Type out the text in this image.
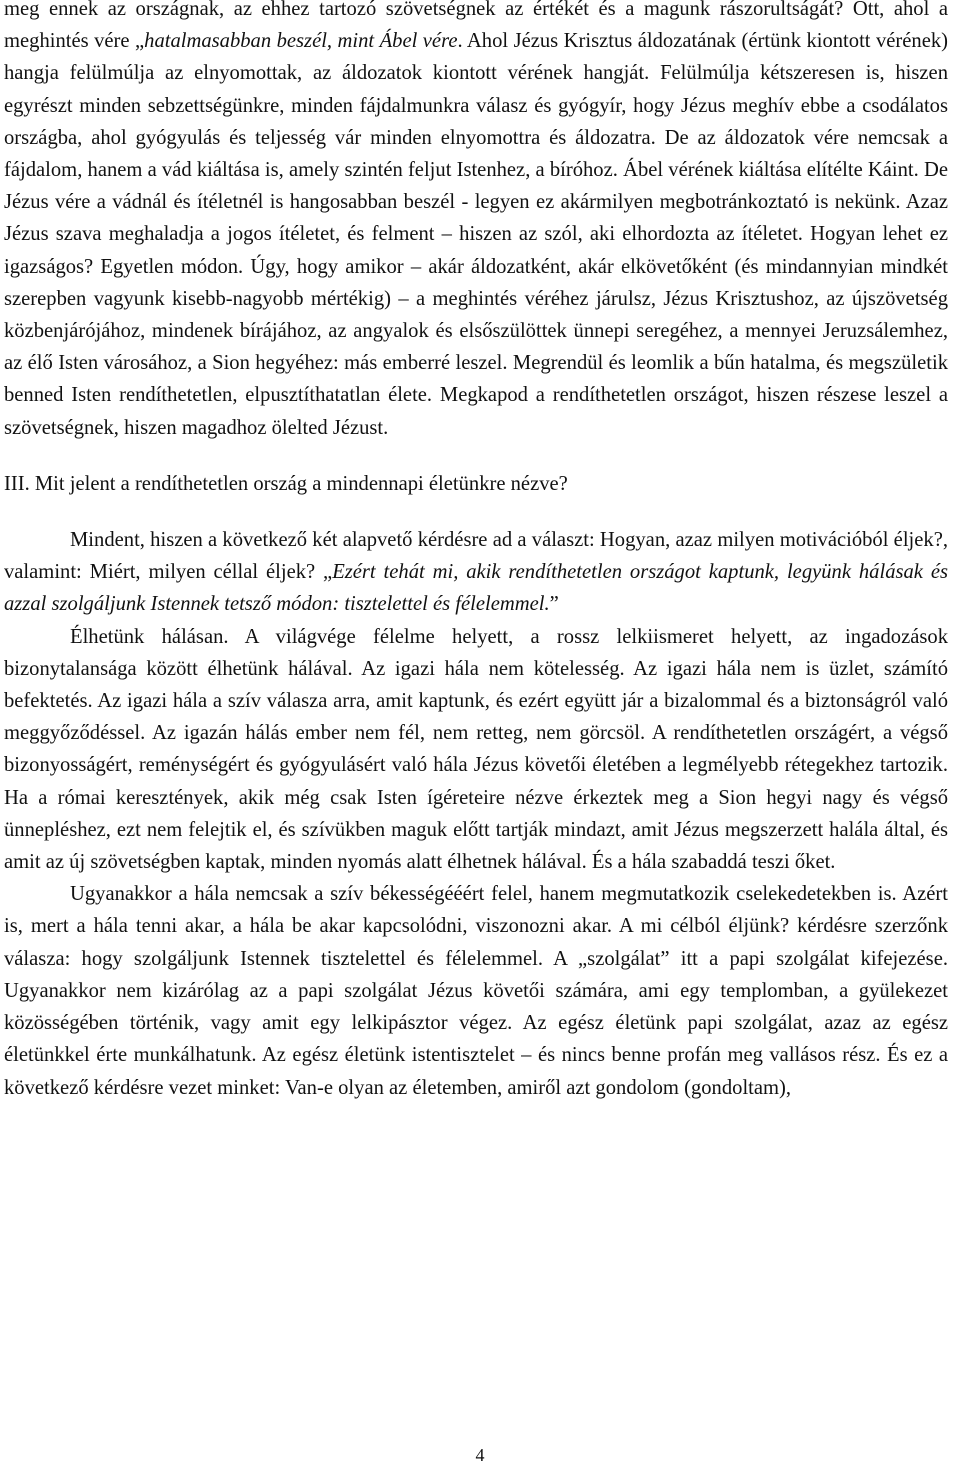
meg ennek az országnak, az ehhez tartozó szövetségnek az értékét és a magunk rászorultságát? Ott, ahol a meghintés vére „hatalmasabban beszél, mint Ábel vére. Ahol Jézus Krisztus áldozatának (értünk kiontott vérének) hangja felülmúlja az elnyomottak, az áldozatok kiontott vérének hangját. Felülmúlja kétszeresen is, hiszen egyrészt minden sebzettségünkre, minden fájdalmunkra válasz és gyógyír, hogy Jézus meghív ebbe a csodálatos országba, ahol gyógyulás és teljesség vár minden elnyomottra és áldozatra. De az áldozatok vére nemcsak a fájdalom, hanem a vád kiáltása is, amely szintén feljut Istenhez, a bíróhoz. Ábel vérének kiáltása elítélte Káint. De Jézus vére a vádnál és ítéletnél is hangosabban beszél - legyen ez akármilyen megbotránkoztató is nekünk. Azaz Jézus szava meghaladja a jogos ítéletet, és felment – hiszen az szól, aki elhordozta az ítéletet. Hogyan lehet ez igazságos? Egyetlen módon. Úgy, hogy amikor – akár áldozatként, akár elkövetőként (és mindannyian mindkét szerepben vagyunk kisebb-nagyobb mértékig) – a meghintés véréhez járulsz, Jézus Krisztushoz, az újszövetség közbenjárójához, mindenek bírájához, az angyalok és elsőszülöttek ünnepi seregéhez, a mennyei Jeruzsálemhez, az élő Isten városához, a Sion hegyéhez: más emberré leszel. Megrendül és leomlik a bűn hatalma, és megszületik benned Isten rendíthetetlen, elpusztíthatatlan élete. Megkapod a rendíthetetlen országot, hiszen részese leszel a szövetségnek, hiszen magadhoz ölelted Jézust.

III. Mit jelent a rendíthetetlen ország a mindennapi életünkre nézve?

Mindent, hiszen a következő két alapvető kérdésre ad a választ: Hogyan, azaz milyen motivációból éljek?, valamint: Miért, milyen céllal éljek? „Ezért tehát mi, akik rendíthetetlen országot kaptunk, legyünk hálásak és azzal szolgáljunk Istennek tetsző módon: tisztelettel és félelemmel.”

Élhetünk hálásan. A világvége félelme helyett, a rossz lelkiismeret helyett, az ingadozások bizonytalansága között élhetünk hálával. Az igazi hála nem kötelesség. Az igazi hála nem is üzlet, számító befektetés. Az igazi hála a szív válasza arra, amit kaptunk, és ezért együtt jár a bizalommal és a biztonságról való meggyőződéssel. Az igazán hálás ember nem fél, nem retteg, nem görcsöl. A rendíthetetlen országért, a végső bizonyosságért, reménységért és gyógyulásért való hála Jézus követői életében a legmélyebb rétegekhez tartozik. Ha a római keresztények, akik még csak Isten ígéreteire nézve érkeztek meg a Sion hegyi nagy és végső ünnepléshez, ezt nem felejtik el, és szívükben maguk előtt tartják mindazt, amit Jézus megszerzett halála által, és amit az új szövetségben kaptak, minden nyomás alatt élhetnek hálával. És a hála szabaddá teszi őket.

Ugyanakkor a hála nemcsak a szív békességééért felel, hanem megmutatkozik cselekedetekben is. Azért is, mert a hála tenni akar, a hála be akar kapcsolódni, viszonozni akar. A mi célból éljünk? kérdésre szerzőnk válasza: hogy szolgáljunk Istennek tisztelettel és félelemmel. A „szolgálat” itt a papi szolgálat kifejezése. Ugyanakkor nem kizárólag az a papi szolgálat Jézus követői számára, ami egy templomban, a gyülekezet közösségében történik, vagy amit egy lelkipásztor végez. Az egész életünk papi szolgálat, azaz az egész életünkkel érte munkálhatunk. Az egész életünk istentisztelet – és nincs benne profán meg vallásos rész. És ez a következő kérdésre vezet minket: Van-e olyan az életemben, amiről azt gondolom (gondoltam),

4
